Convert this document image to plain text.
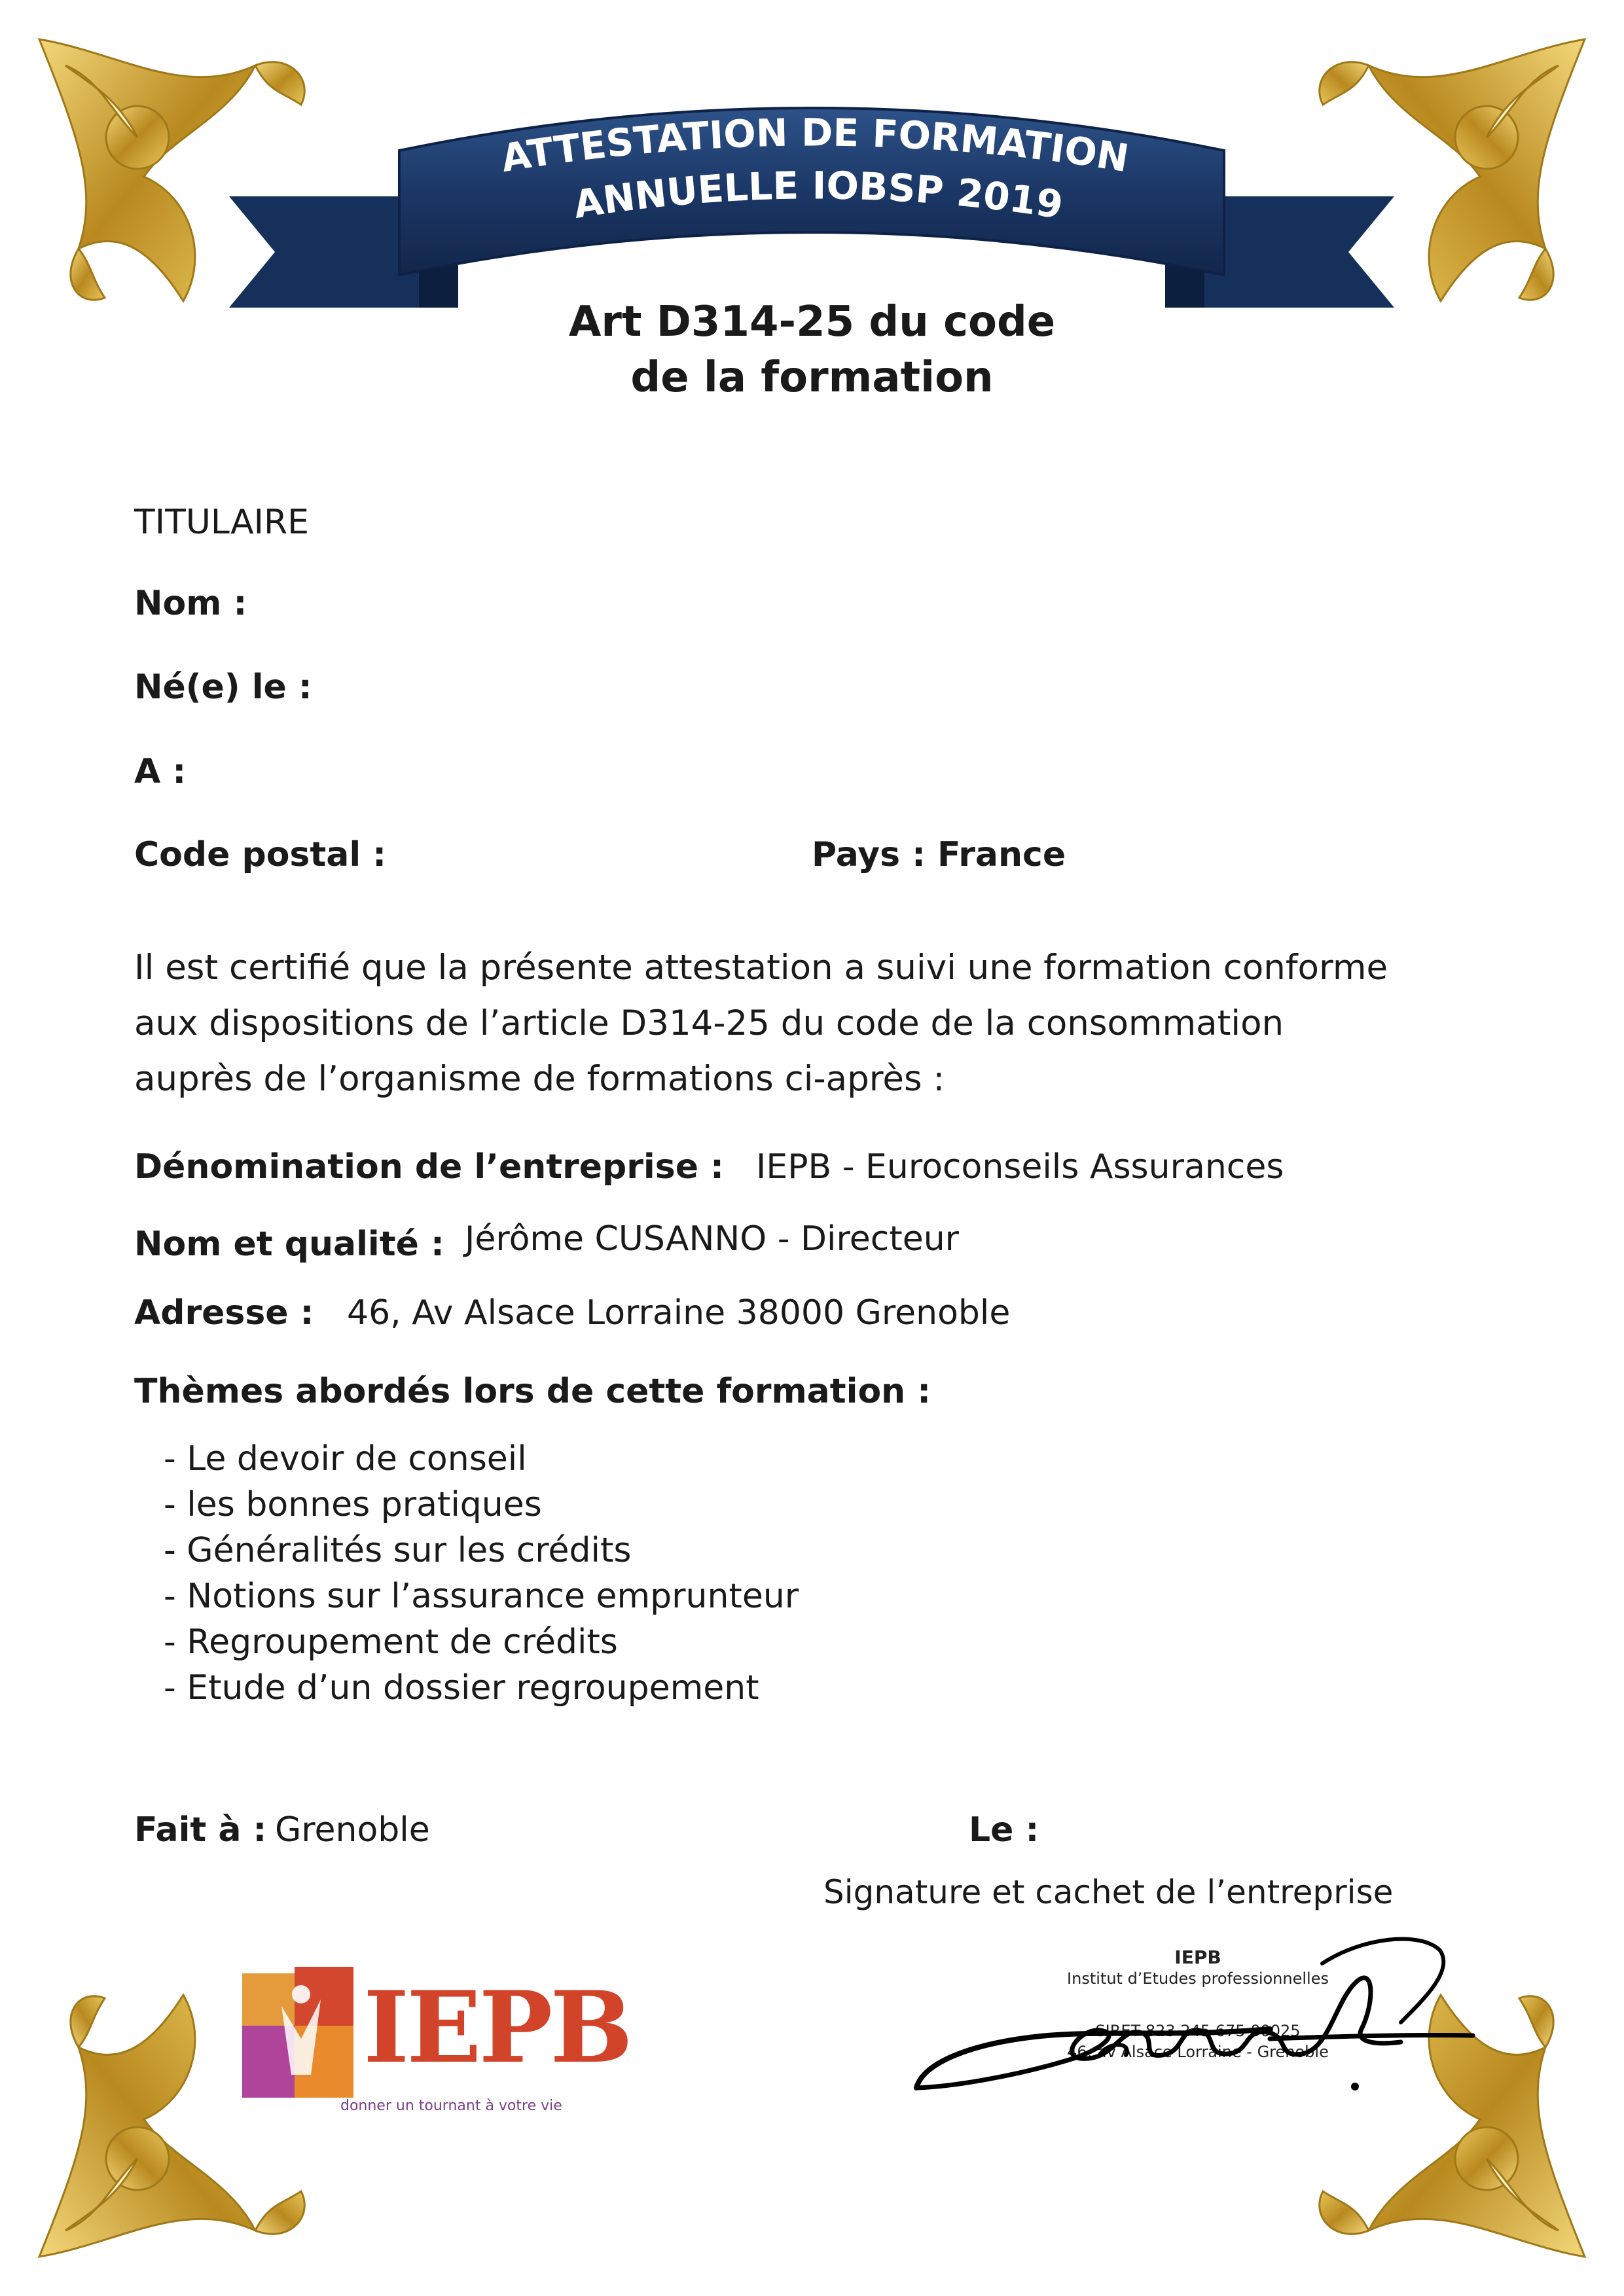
ATTESTATION DE FORMATION
ANNUELLE IOBSP 2019
Art D314-25 du code
de la formation
TITULAIRE
Nom :
Né(e) le :
A :
Code postal :	Pays : France
Il est certifié que la présente attestation a suivi une formation conforme
aux dispositions de l’article D314-25 du code de la consommation
auprès de l’organisme de formations ci-après :
Dénomination de l’entreprise : IEPB - Euroconseils Assurances
Nom et qualité : Jérôme CUSANNO - Directeur
Adresse : 46, Av Alsace Lorraine 38000 Grenoble
Thèmes abordés lors de cette formation :
- Le devoir de conseil
- les bonnes pratiques
- Généralités sur les crédits
- Notions sur l’assurance emprunteur
- Regroupement de crédits
- Etude d’un dossier regroupement
Fait à : Grenoble	Le :
Signature et cachet de l’entreprise
IEPB
donner un tournant à votre vie
IEPB
Institut d’Etudes professionnelles
SIRET 823 245 675 00025
46, av Alsace Lorraine - Grenoble
